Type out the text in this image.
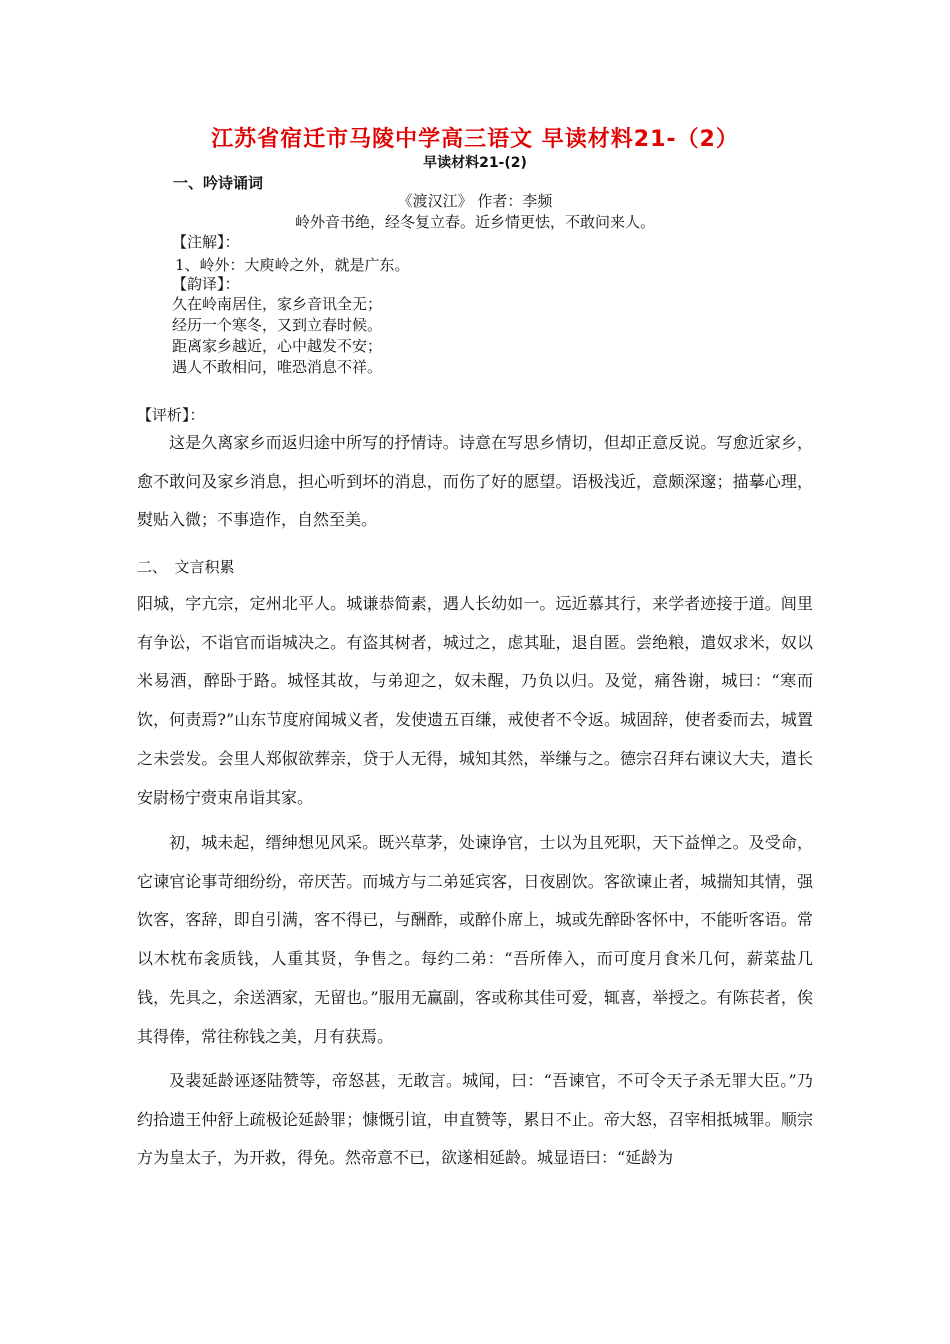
江苏省宿迁市马陵中学高三语文 早读材料21-（2）
早读材料21-(2)
一、吟诗诵词
《渡汉江》 作者：李频
岭外音书绝，经冬复立春。近乡情更怯，不敢问来人。
【注解】：
1、岭外：大庾岭之外，就是广东。
【韵译】：
久在岭南居住，家乡音讯全无；
经历一个寒冬，又到立春时候。
距离家乡越近，心中越发不安；
遇人不敢相问，唯恐消息不祥。
【评析】：

这是久离家乡而返归途中所写的抒情诗。诗意在写思乡情切，但却正意反说。写愈近家乡，愈不敢问及家乡消息，担心听到坏的消息，而伤了好的愿望。语极浅近，意颇深邃；描摹心理，熨贴入微；不事造作，自然至美。

二、　文言积累

阳城，字亢宗，定州北平人。城谦恭简素，遇人长幼如一。远近慕其行，来学者迹接于道。闾里有争讼，不诣官而诣城决之。有盗其树者，城过之，虑其耻，退自匿。尝绝粮，遣奴求米，奴以米易酒，醉卧于路。城怪其故，与弟迎之，奴未醒，乃负以归。及觉，痛咎谢，城曰：“寒而饮，何责焉?”山东节度府闻城义者，发使遗五百缣，戒使者不令返。城固辞，使者委而去，城置之未尝发。会里人郑俶欲葬亲，贷于人无得，城知其然，举缣与之。德宗召拜右谏议大夫，遣长安尉杨宁赍束帛诣其家。

初，城未起，缙绅想见风采。既兴草茅，处谏诤官，士以为且死职，天下益惮之。及受命，它谏官论事苛细纷纷，帝厌苦。而城方与二弟延宾客，日夜剧饮。客欲谏止者，城揣知其情，强饮客，客辞，即自引满，客不得已，与酬酢，或醉仆席上，城或先醉卧客怀中，不能听客语。常以木枕布衾质钱，人重其贤，争售之。每约二弟：“吾所俸入，而可度月食米几何，薪菜盐几钱，先具之，余送酒家，无留也。”服用无赢副，客或称其佳可爱，辄喜，举授之。有陈苌者，俟其得俸，常往称钱之美，月有获焉。

及裴延龄诬逐陆赞等，帝怒甚，无敢言。城闻，曰：“吾谏官，不可令天子杀无罪大臣。”乃约拾遗王仲舒上疏极论延龄罪；慷慨引谊，申直赞等，累日不止。帝大怒，召宰相抵城罪。顺宗方为皇太子，为开救，得免。然帝意不已，欲遂相延龄。城显语曰：“延龄为
